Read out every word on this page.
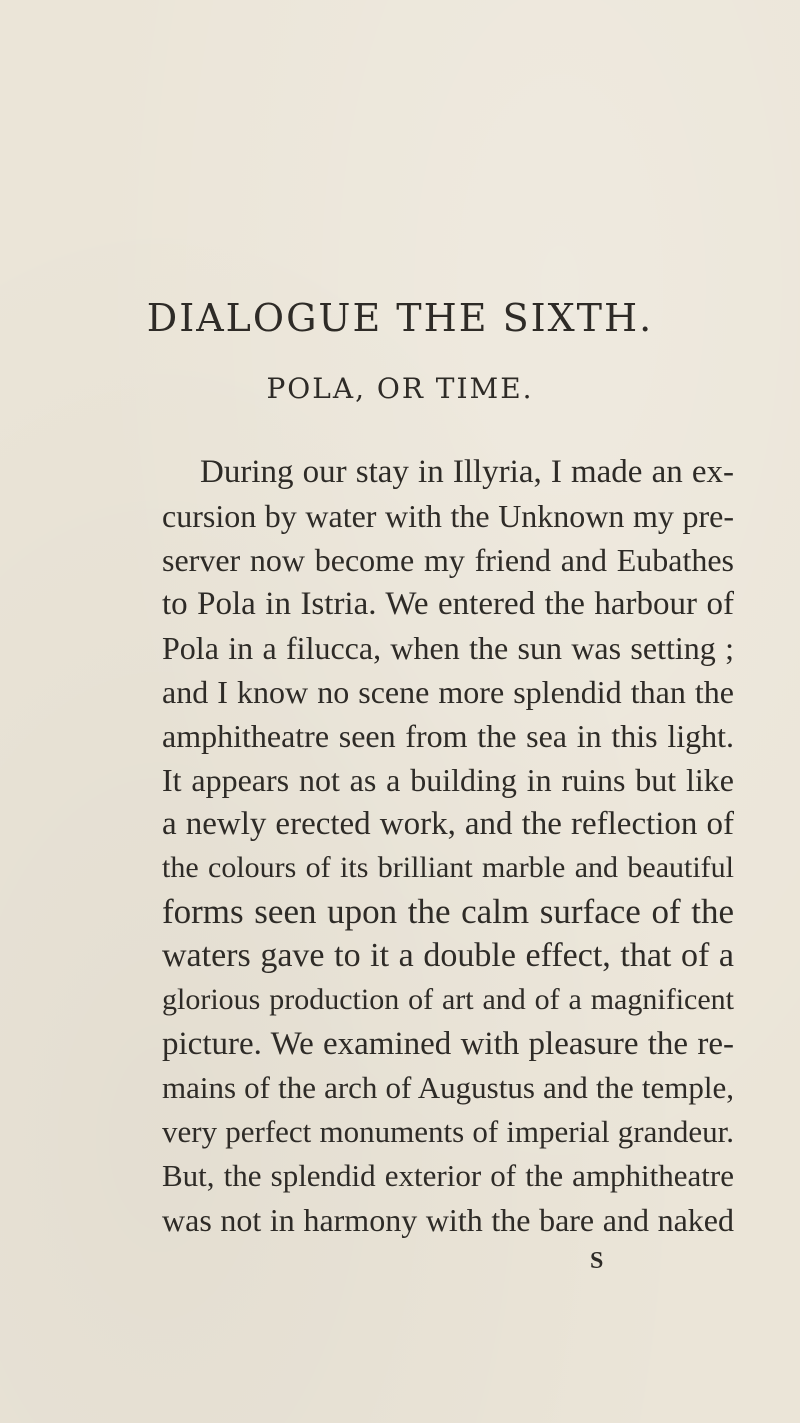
DIALOGUE THE SIXTH.
POLA, OR TIME.
During our stay in Illyria, I made an ex-
cursion by water with the Unknown my pre-
server now become my friend and Eubathes
to Pola in Istria. We entered the harbour of
Pola in a filucca, when the sun was setting ;
and I know no scene more splendid than the
amphitheatre seen from the sea in this light.
It appears not as a building in ruins but like
a newly erected work, and the reflection of
the colours of its brilliant marble and beautiful
forms seen upon the calm surface of the
waters gave to it a double effect, that of a
glorious production of art and of a magnificent
picture. We examined with pleasure the re-
mains of the arch of Augustus and the temple,
very perfect monuments of imperial grandeur.
But, the splendid exterior of the amphitheatre
was not in harmony with the bare and naked
S
